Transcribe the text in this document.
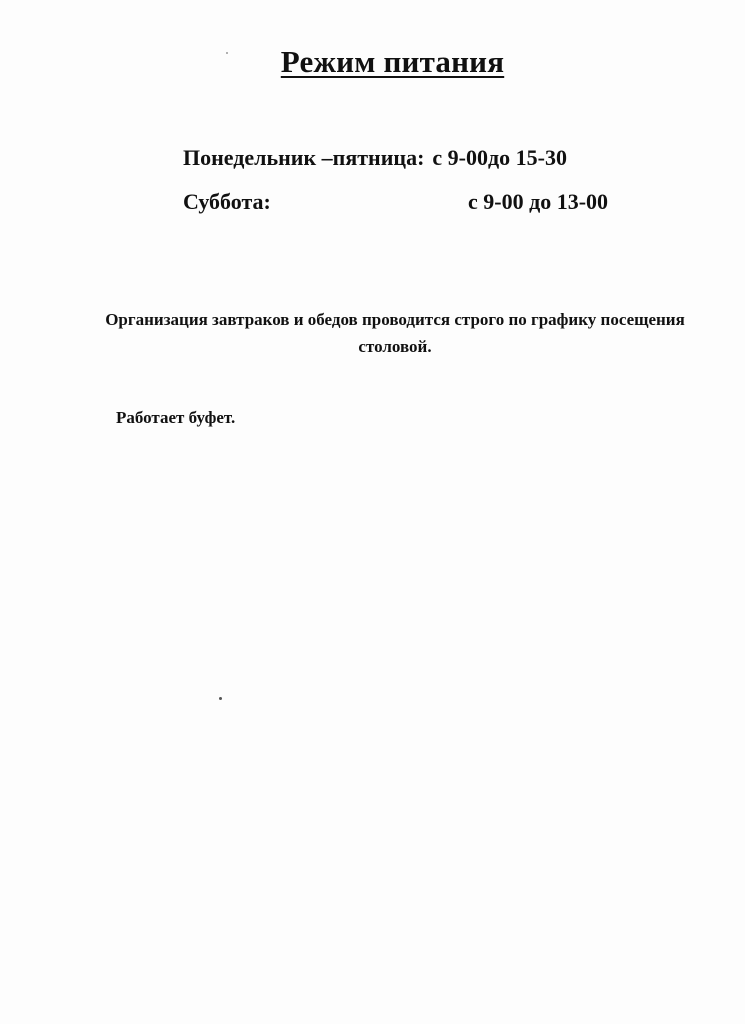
Режим питания
Понедельник –пятница: с 9-00до 15-30
Суббота:	с 9-00 до 13-00
Организация завтраков и обедов проводится строго по графику посещения столовой.
Работает буфет.
